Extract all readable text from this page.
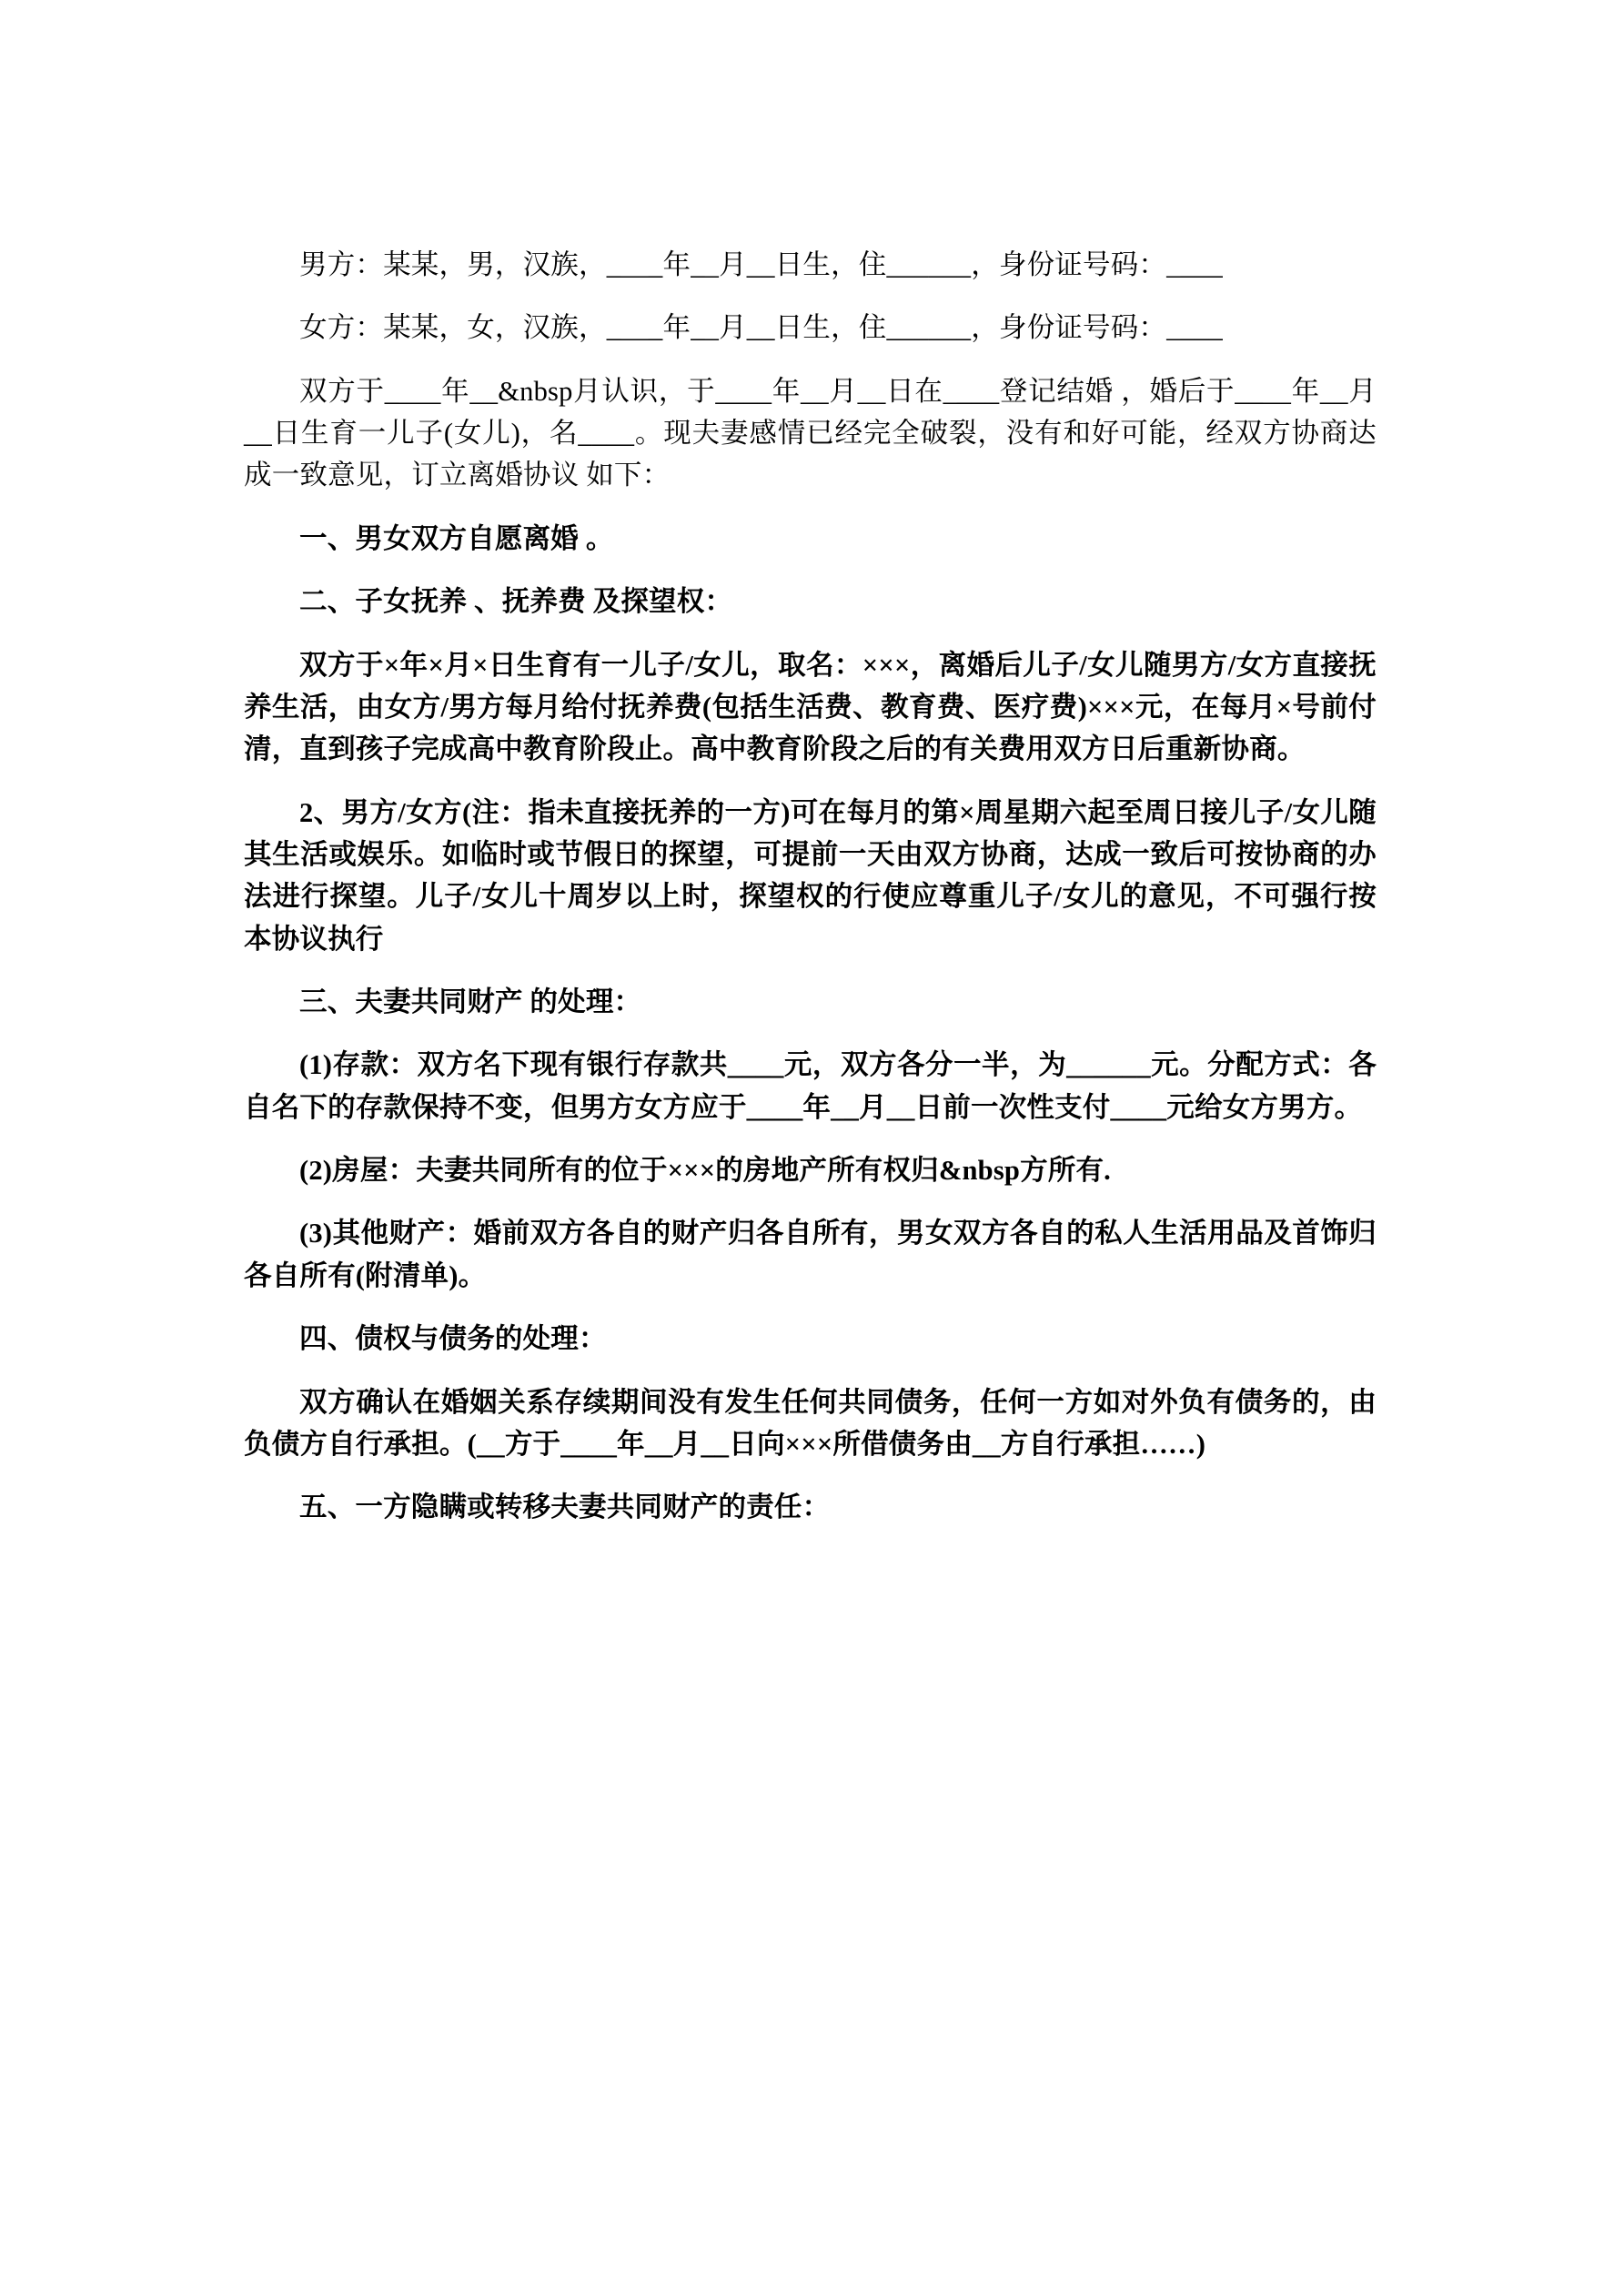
男方：某某，男，汉族，____年__月__日生，住______，身份证号码：____

女方：某某，女，汉族，____年__月__日生，住______，身份证号码：____

双方于____年__&nbsp月认识，于____年__月__日在____登记结婚 ，婚后于____年__月__日生育一儿子(女儿)，名____。现夫妻感情已经完全破裂，没有和好可能，经双方协商达成一致意见，订立离婚协议 如下：

一、男女双方自愿离婚 。

二、子女抚养 、抚养费 及探望权：

双方于×年×月×日生育有一儿子/女儿，取名：×××，离婚后儿子/女儿随男方/女方直接抚养生活，由女方/男方每月给付抚养费(包括生活费、教育费、医疗费)×××元，在每月×号前付清，直到孩子完成高中教育阶段止。高中教育阶段之后的有关费用双方日后重新协商。

2、男方/女方(注：指未直接抚养的一方)可在每月的第×周星期六起至周日接儿子/女儿随其生活或娱乐。如临时或节假日的探望，可提前一天由双方协商，达成一致后可按协商的办法进行探望。儿子/女儿十周岁以上时，探望权的行使应尊重儿子/女儿的意见，不可强行按本协议执行

三、夫妻共同财产 的处理：

(1)存款：双方名下现有银行存款共____元，双方各分一半，为______元。分配方式：各自名下的存款保持不变，但男方女方应于____年__月__日前一次性支付____元给女方男方。

(2)房屋：夫妻共同所有的位于×××的房地产所有权归&nbsp方所有.

(3)其他财产：婚前双方各自的财产归各自所有，男女双方各自的私人生活用品及首饰归各自所有(附清单)。

四、债权与债务的处理：

双方确认在婚姻关系存续期间没有发生任何共同债务，任何一方如对外负有债务的，由负债方自行承担。(__方于____年__月__日向×××所借债务由__方自行承担……)

五、一方隐瞒或转移夫妻共同财产的责任：
